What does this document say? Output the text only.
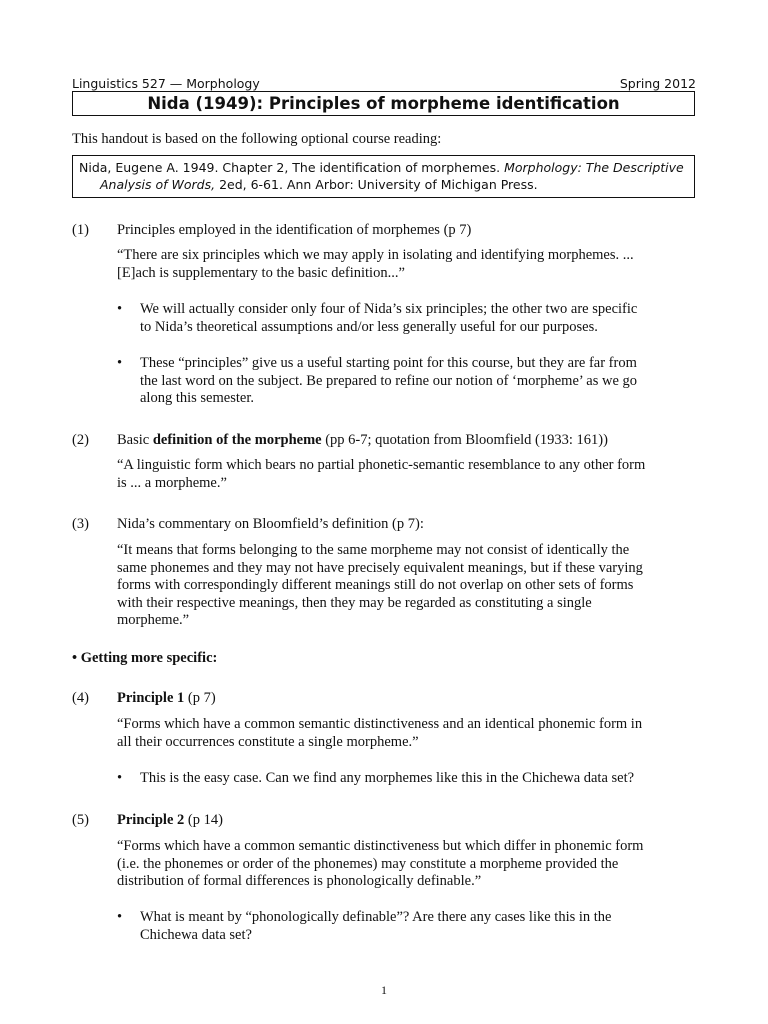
Linguistics 527 — Morphology	Spring 2012
Nida (1949): Principles of morpheme identification
This handout is based on the following optional course reading:
Nida, Eugene A. 1949. Chapter 2, The identification of morphemes. Morphology: The Descriptive
Analysis of Words, 2ed, 6-61. Ann Arbor: University of Michigan Press.
(1) Principles employed in the identification of morphemes (p 7)
“There are six principles which we may apply in isolating and identifying morphemes. ...
[E]ach is supplementary to the basic definition...”
• We will actually consider only four of Nida’s six principles; the other two are specific
to Nida’s theoretical assumptions and/or less generally useful for our purposes.
• These “principles” give us a useful starting point for this course, but they are far from
the last word on the subject. Be prepared to refine our notion of ‘morpheme’ as we go
along this semester.
(2) Basic definition of the morpheme (pp 6-7; quotation from Bloomfield (1933: 161))
“A linguistic form which bears no partial phonetic-semantic resemblance to any other form
is ... a morpheme.”
(3) Nida’s commentary on Bloomfield’s definition (p 7):
“It means that forms belonging to the same morpheme may not consist of identically the
same phonemes and they may not have precisely equivalent meanings, but if these varying
forms with correspondingly different meanings still do not overlap on other sets of forms
with their respective meanings, then they may be regarded as constituting a single
morpheme.”
• Getting more specific:
(4) Principle 1 (p 7)
“Forms which have a common semantic distinctiveness and an identical phonemic form in
all their occurrences constitute a single morpheme.”
• This is the easy case. Can we find any morphemes like this in the Chichewa data set?
(5) Principle 2 (p 14)
“Forms which have a common semantic distinctiveness but which differ in phonemic form
(i.e. the phonemes or order of the phonemes) may constitute a morpheme provided the
distribution of formal differences is phonologically definable.”
• What is meant by “phonologically definable”? Are there any cases like this in the
Chichewa data set?
1
